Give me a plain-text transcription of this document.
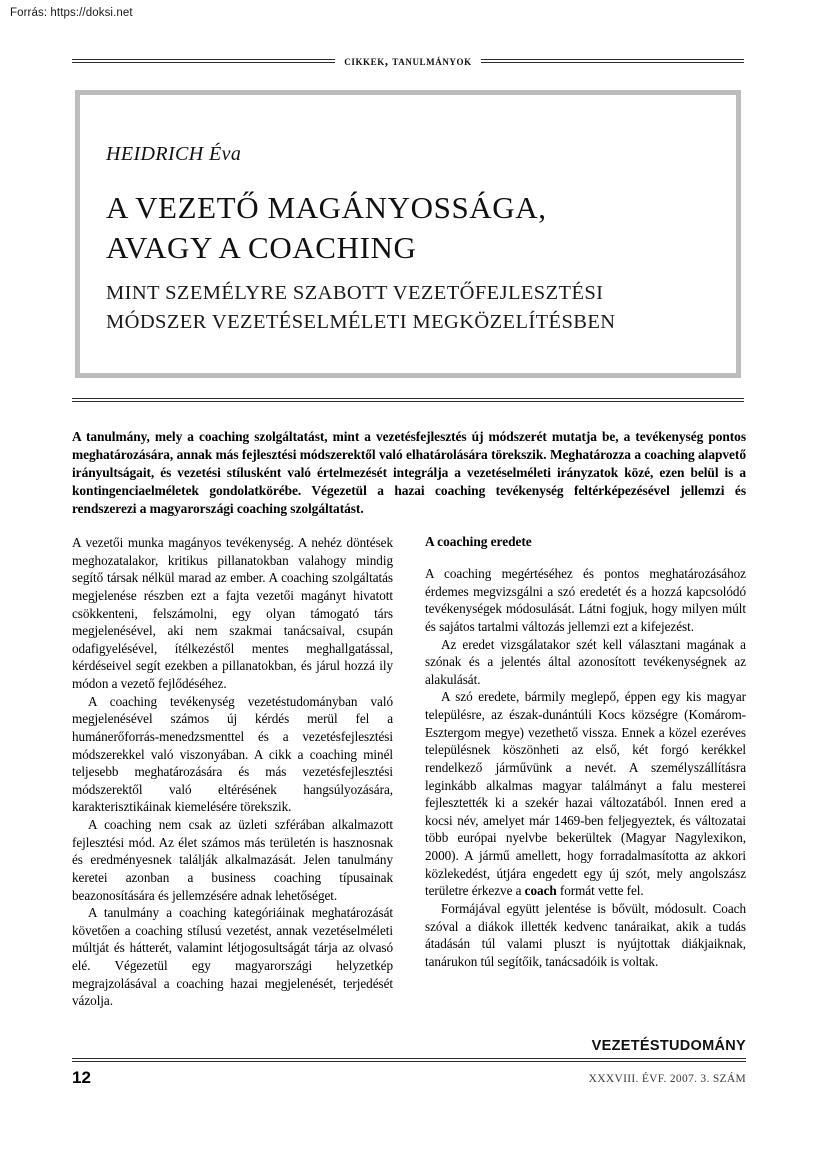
Forrás: https://doksi.net
cikkek, tanulmányok
HEIDRICH Éva
A VEZETŐ MAGÁNYOSSÁGA,
AVAGY A COACHING
MINT SZEMÉLYRE SZABOTT VEZETŐFEJLESZTÉSI
MÓDSZER VEZETÉSELMÉLETI MEGKÖZELÍTÉSBEN
A tanulmány, mely a coaching szolgáltatást, mint a vezetésfejlesztés új módszerét mutatja be, a tevékenység pontos meghatározására, annak más fejlesztési módszerektől való elhatárolására törekszik. Meghatározza a coaching alapvető irányultságait, és vezetési stílusként való értelmezését integrálja a vezetéselméleti irányzatok közé, ezen belül is a kontingenciaelméletek gondolatkörébe. Végezetül a hazai coaching tevékenység feltérképezésével jellemzi és rendszerezi a magyarországi coaching szolgáltatást.

A vezetői munka magányos tevékenység. A nehéz döntések meghozatalakor, kritikus pillanatokban valahogy mindig segítő társak nélkül marad az ember. A coaching szolgáltatás megjelenése részben ezt a fajta vezetői magányt hivatott csökkenteni, felszámolni, egy olyan támogató társ megjelenésével, aki nem szakmai tanácsaival, csupán odafigyelésével, ítélkezéstől mentes meghallgatással, kérdéseivel segít ezekben a pillanatokban, és járul hozzá ily módon a vezető fejlődéséhez.

A coaching tevékenység vezetéstudományban való megjelenésével számos új kérdés merül fel a humánerőforrás-menedzsmenttel és a vezetésfejlesztési módszerekkel való viszonyában. A cikk a coaching minél teljesebb meghatározására és más vezetésfejlesztési módszerektől való eltérésének hangsúlyozására, karakterisztikáinak kiemelésére törekszik.

A coaching nem csak az üzleti szférában alkalmazott fejlesztési mód. Az élet számos más területén is hasznosnak és eredményesnek találják alkalmazását. Jelen tanulmány keretei azonban a business coaching típusainak beazonosítására és jellemzésére adnak lehetőséget.

A tanulmány a coaching kategóriáinak meghatározását követően a coaching stílusú vezetést, annak vezetéselméleti múltját és hátterét, valamint létjogosultságát tárja az olvasó elé. Végezetül egy magyarországi helyzetkép megrajzolásával a coaching hazai megjelenését, terjedését vázolja.

A coaching eredete

A coaching megértéséhez és pontos meghatározásához érdemes megvizsgálni a szó eredetét és a hozzá kapcsolódó tevékenységek módosulását. Látni fogjuk, hogy milyen múlt és sajátos tartalmi változás jellemzi ezt a kifejezést.

Az eredet vizsgálatakor szét kell választani magának a szónak és a jelentés által azonosított tevékenységnek az alakulását.

A szó eredete, bármily meglepő, éppen egy kis magyar településre, az észak-dunántúli Kocs községre (Komárom-Esztergom megye) vezethető vissza. Ennek a közel ezeréves településnek köszönheti az első, két forgó kerékkel rendelkező járművünk a nevét. A személyszállításra leginkább alkalmas magyar találmányt a falu mesterei fejlesztették ki a szekér hazai változatából. Innen ered a kocsi név, amelyet már 1469-ben feljegyeztek, és változatai több európai nyelvbe bekerültek (Magyar Nagylexikon, 2000). A jármű amellett, hogy forradalmasította az akkori közlekedést, útjára engedett egy új szót, mely angolszász területre érkezve a coach formát vette fel.

Formájával együtt jelentése is bővült, módosult. Coach szóval a diákok illették kedvenc tanáraikat, akik a tudás átadásán túl valami pluszt is nyújtottak diákjaiknak, tanárukon túl segítőik, tanácsadóik is voltak.

VEZETÉSTUDOMÁNY
12	XXXVIII. ÉVF. 2007. 3. SZÁM
